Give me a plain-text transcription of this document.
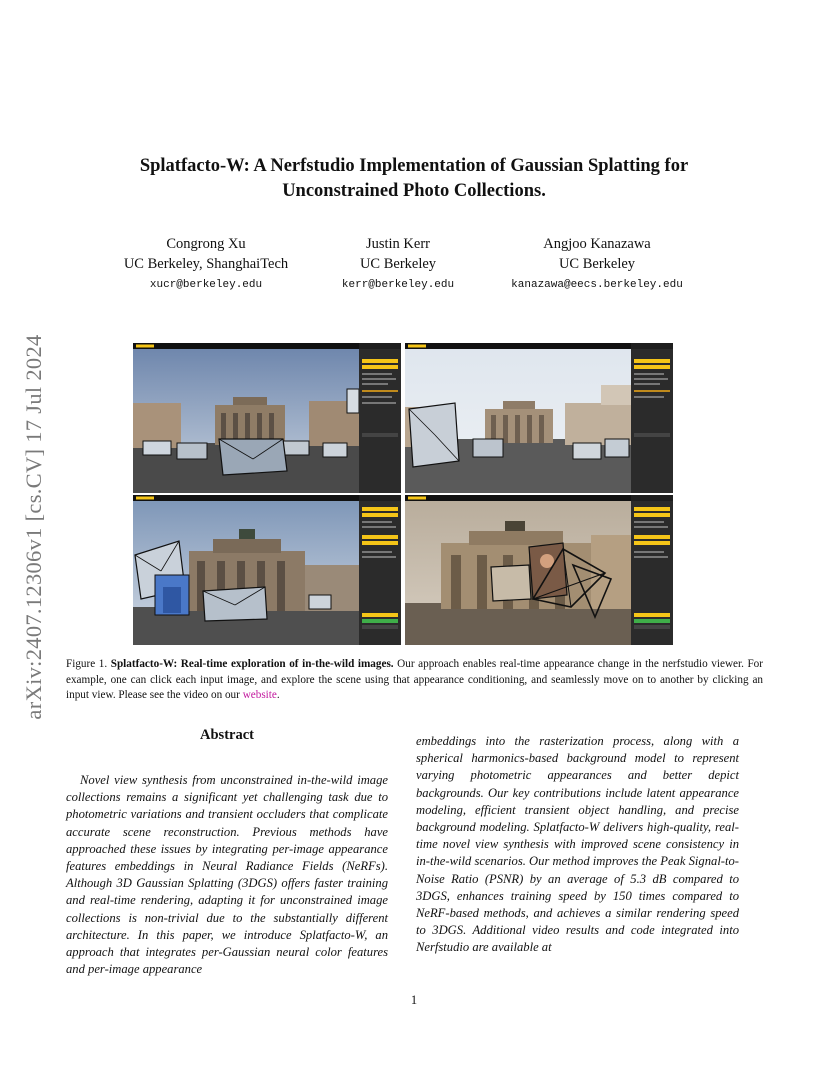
arXiv:2407.12306v1 [cs.CV] 17 Jul 2024
Splatfacto-W: A Nerfstudio Implementation of Gaussian Splatting for
Unconstrained Photo Collections.
Congrong Xu
UC Berkeley, ShanghaiTech
xucr@berkeley.edu
Justin Kerr
UC Berkeley
kerr@berkeley.edu
Angjoo Kanazawa
UC Berkeley
kanazawa@eecs.berkeley.edu
Figure 1. Splatfacto-W: Real-time exploration of in-the-wild images. Our approach enables real-time appearance change in the nerfstudio viewer. For example, one can click each input image, and explore the scene using that appearance conditioning, and seamlessly move on to another by clicking an input view. Please see the video on our website.
Abstract
Novel view synthesis from unconstrained in-the-wild image collections remains a significant yet challenging task due to photometric variations and transient occluders that complicate accurate scene reconstruction. Previous methods have approached these issues by integrating per-image appearance features embeddings in Neural Radiance Fields (NeRFs). Although 3D Gaussian Splatting (3DGS) offers faster training and real-time rendering, adapting it for unconstrained image collections is non-trivial due to the substantially different architecture. In this paper, we introduce Splatfacto-W, an approach that integrates per-Gaussian neural color features and per-image appearance
embeddings into the rasterization process, along with a spherical harmonics-based background model to represent varying photometric appearances and better depict backgrounds. Our key contributions include latent appearance modeling, efficient transient object handling, and precise background modeling. Splatfacto-W delivers high-quality, real-time novel view synthesis with improved scene consistency in in-the-wild scenarios. Our method improves the Peak Signal-to-Noise Ratio (PSNR) by an average of 5.3 dB compared to 3DGS, enhances training speed by 150 times compared to NeRF-based methods, and achieves a similar rendering speed to 3DGS. Additional video results and code integrated into Nerfstudio are available at
1
